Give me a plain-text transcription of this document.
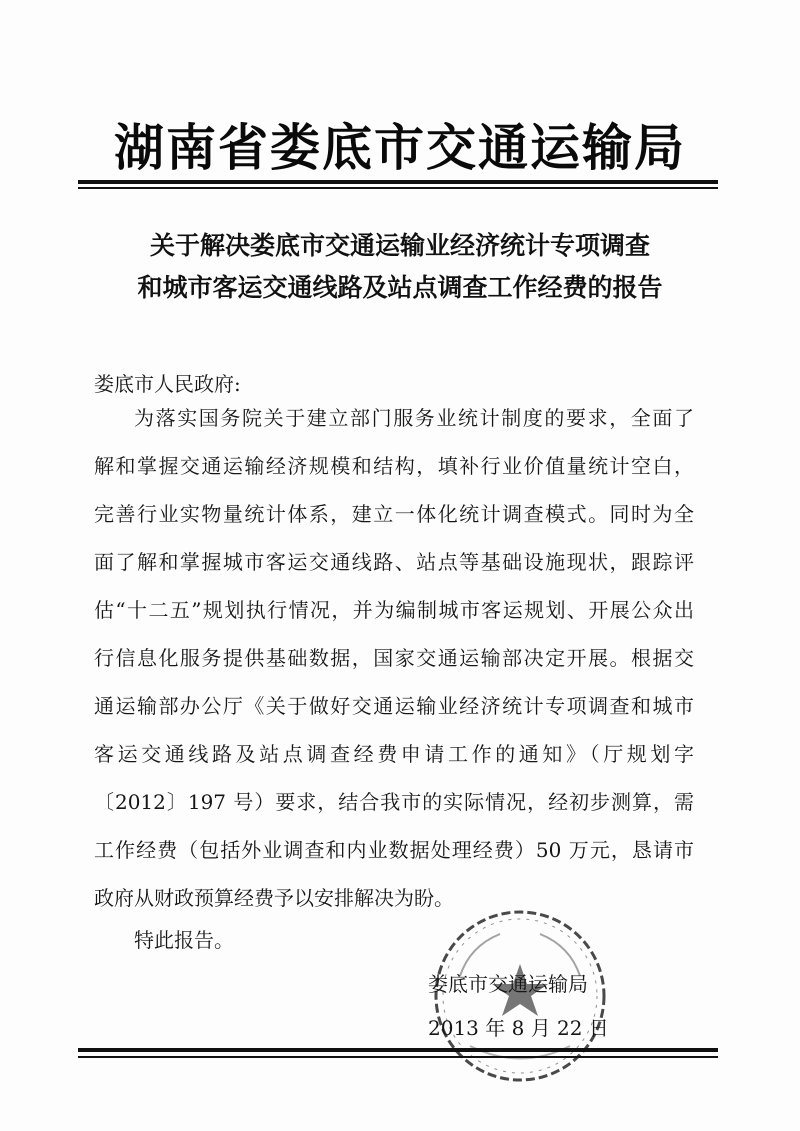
湖南省娄底市交通运输局
关于解决娄底市交通运输业经济统计专项调查
和城市客运交通线路及站点调查工作经费的报告
娄底市人民政府:
为落实国务院关于建立部门服务业统计制度的要求，全面了
解和掌握交通运输经济规模和结构，填补行业价值量统计空白，
完善行业实物量统计体系，建立一体化统计调查模式。同时为全
面了解和掌握城市客运交通线路、站点等基础设施现状，跟踪评
估“十二五”规划执行情况，并为编制城市客运规划、开展公众出
行信息化服务提供基础数据，国家交通运输部决定开展。根据交
通运输部办公厅《关于做好交通运输业经济统计专项调查和城市
客运交通线路及站点调查经费申请工作的通知》（厅规划字
〔2012〕197 号）要求，结合我市的实际情况，经初步测算，需
工作经费（包括外业调查和内业数据处理经费）50 万元，恳请市
政府从财政预算经费予以安排解决为盼。
特此报告。
娄底市交通运输局
2013 年 8 月 22 日
